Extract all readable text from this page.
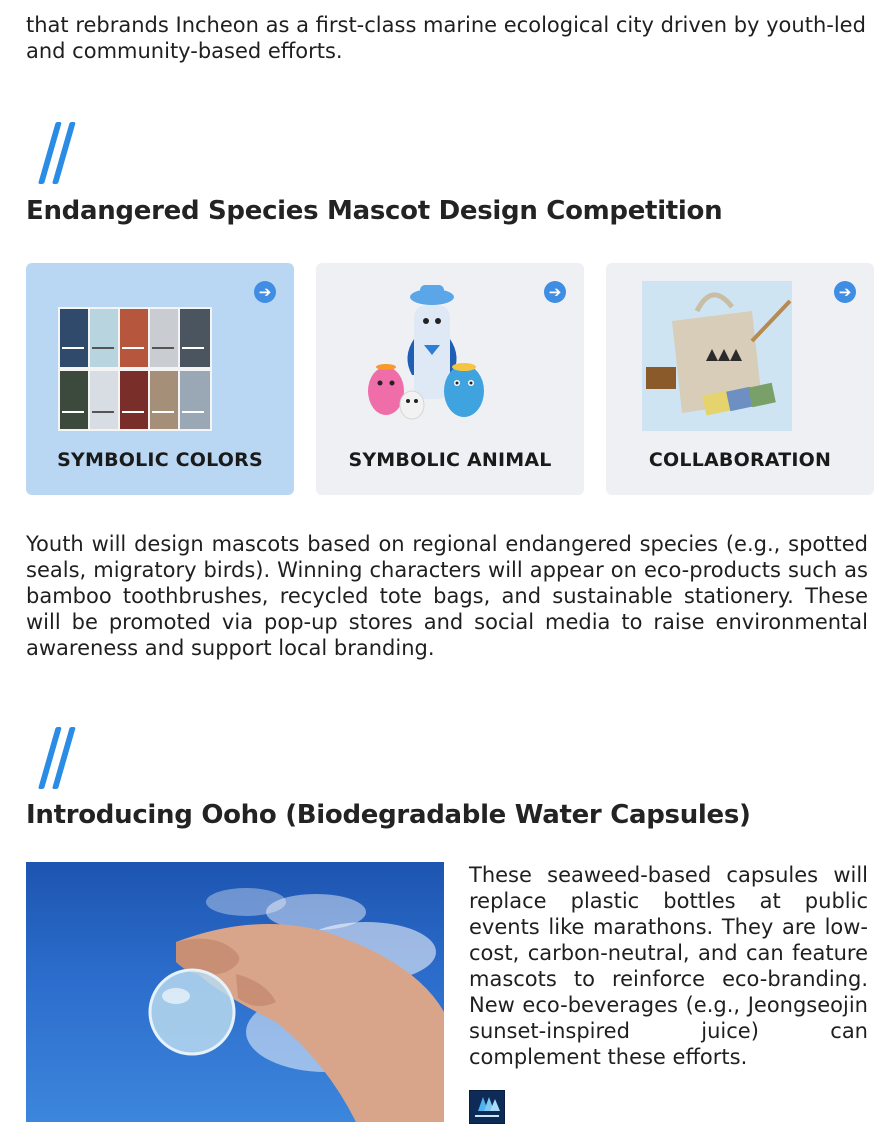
that rebrands Incheon as a first-class marine ecological city driven by youth-led and community-based efforts.
Endangered Species Mascot Design Competition
➔
SYMBOLIC COLORS
➔
SYMBOLIC ANIMAL
➔
COLLABORATION
Youth will design mascots based on regional endangered species (e.g., spotted seals, migratory birds). Winning characters will appear on eco-products such as bamboo toothbrushes, recycled tote bags, and sustainable stationery. These will be promoted via pop-up stores and social media to raise environmental awareness and support local branding.
Introducing Ooho (Biodegradable Water Capsules)
These seaweed-based capsules will replace plastic bottles at public events like marathons. They are low-cost, carbon-neutral, and can feature mascots to reinforce eco-branding. New eco-beverages (e.g., Jeongseojin sunset-inspired juice) can complement these efforts.
